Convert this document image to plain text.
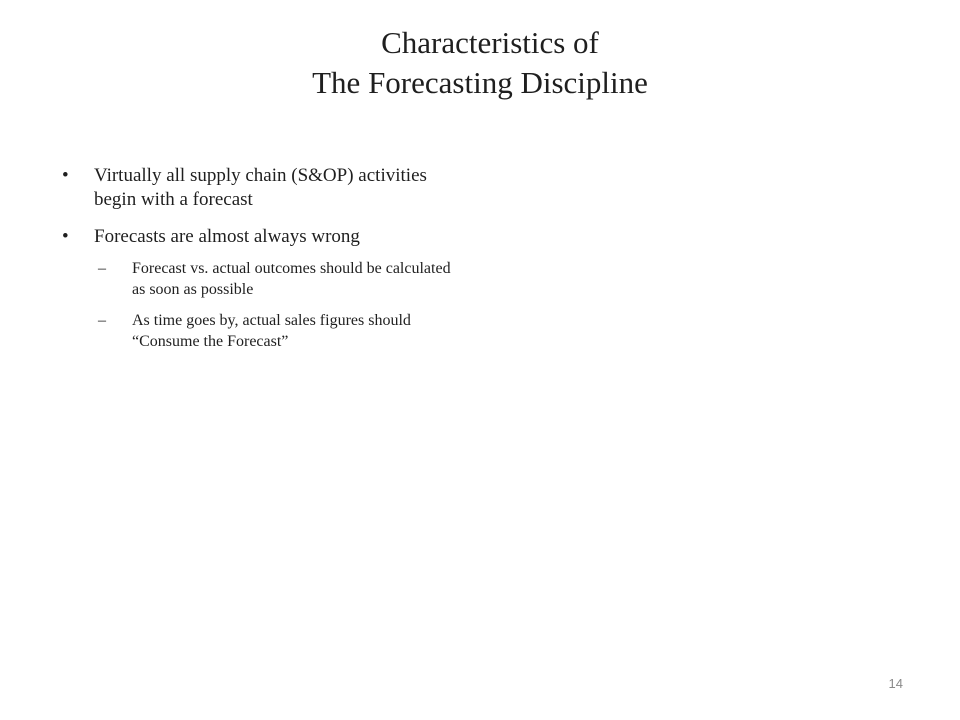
Characteristics of
The Forecasting Discipline
•	Virtually all supply chain (S&OP) activities begin with a forecast
•	Forecasts are almost always wrong
– Forecast vs. actual outcomes should be calculated as soon as possible
– As time goes by, actual sales figures should “Consume the Forecast”
14
